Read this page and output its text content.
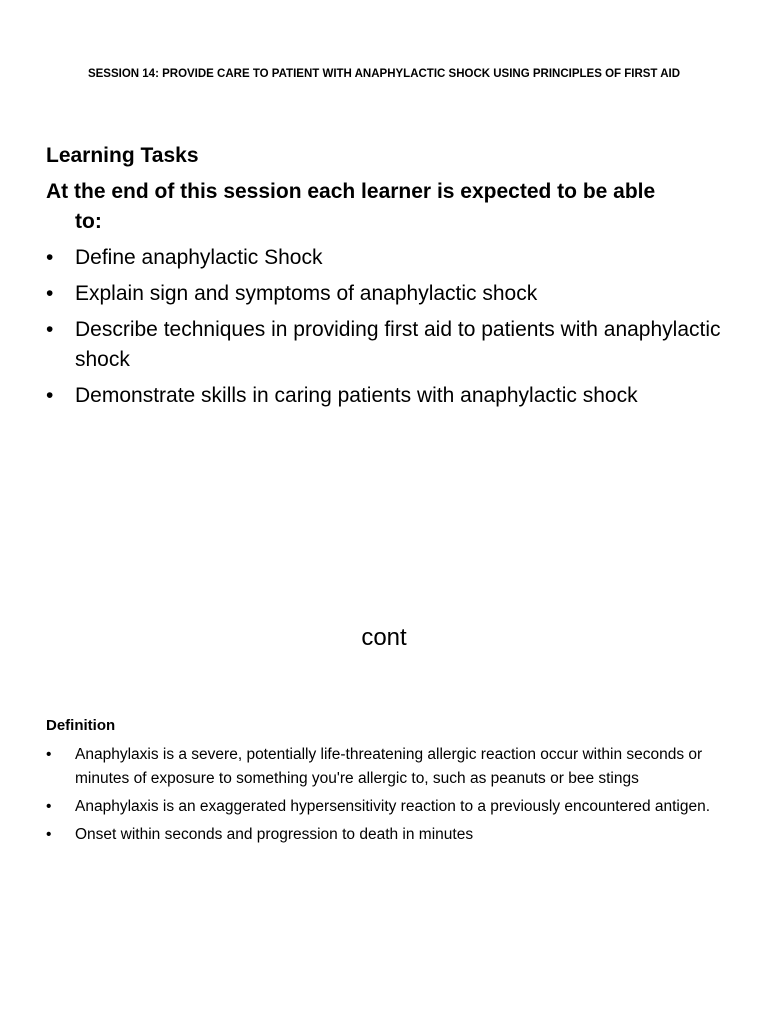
SESSION 14: PROVIDE CARE TO PATIENT WITH ANAPHYLACTIC SHOCK USING PRINCIPLES OF FIRST AID
Learning Tasks
At the end of this session each learner is expected to be able
to:
• Define anaphylactic Shock
• Explain sign and symptoms of anaphylactic shock
• Describe techniques in providing first aid to patients with anaphylactic shock
• Demonstrate skills in caring patients with anaphylactic shock
cont
Definition
• Anaphylaxis is a severe, potentially life-threatening allergic reaction occur within seconds or minutes of exposure to something you're allergic to, such as peanuts or bee stings
• Anaphylaxis is an exaggerated hypersensitivity reaction to a previously encountered antigen.
• Onset within seconds and progression to death in minutes
